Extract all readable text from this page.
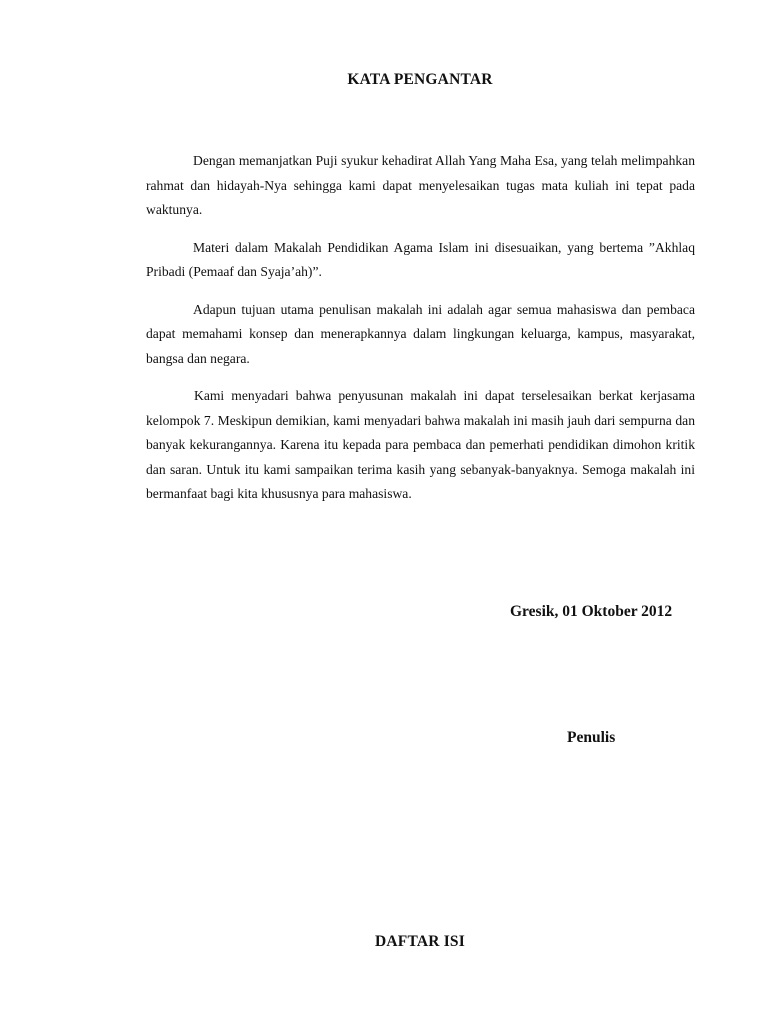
KATA PENGANTAR

Dengan memanjatkan Puji syukur kehadirat Allah Yang Maha Esa, yang telah melimpahkan rahmat dan hidayah-Nya sehingga kami dapat menyelesaikan tugas mata kuliah ini tepat pada waktunya.

Materi dalam Makalah Pendidikan Agama Islam ini disesuaikan, yang bertema ”Akhlaq Pribadi (Pemaaf dan Syaja’ah)”.

Adapun tujuan utama penulisan makalah ini adalah agar semua mahasiswa dan pembaca dapat memahami konsep dan menerapkannya dalam lingkungan keluarga, kampus, masyarakat, bangsa dan negara.

Kami menyadari bahwa penyusunan makalah ini dapat terselesaikan berkat kerjasama kelompok 7. Meskipun demikian, kami menyadari bahwa makalah ini masih jauh dari sempurna dan banyak kekurangannya. Karena itu kepada para pembaca dan pemerhati pendidikan dimohon kritik dan saran. Untuk itu kami sampaikan terima kasih yang sebanyak-banyaknya. Semoga makalah ini bermanfaat bagi kita khususnya para mahasiswa.

Gresik, 01 Oktober 2012
Penulis
DAFTAR ISI
